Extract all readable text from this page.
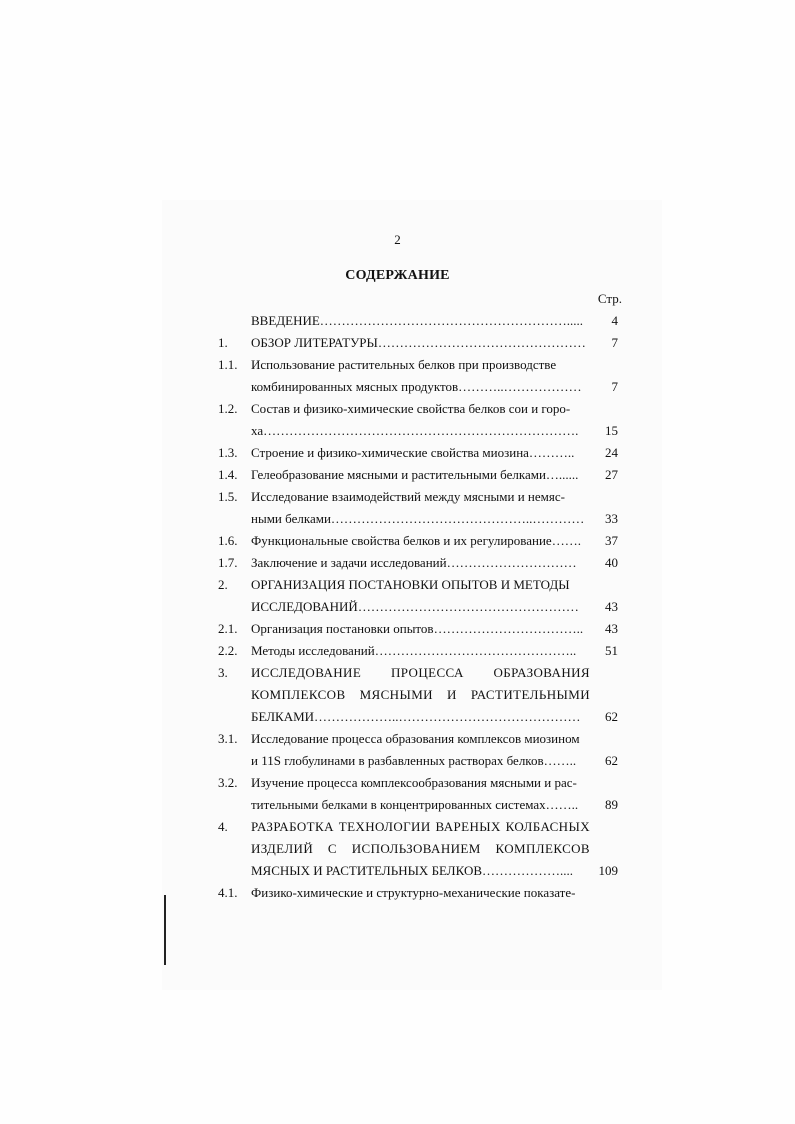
2
СОДЕРЖАНИЕ
Стр.
ВВЕДЕНИЕ………………………………………………….....	4
1. ОБЗОР ЛИТЕРАТУРЫ…………………………………………	7
1.1. Использование растительных белков при производстве
комбинированных мясных продуктов………..………………	7
1.2. Состав и физико-химические свойства белков сои и горо-
ха……………………………………………………………….	15
1.3. Строение и физико-химические свойства миозина………..	24
1.4. Гелеобразование мясными и растительными белками…......	27
1.5. Исследование взаимодействий между мясными и немяс-
ными белками………………………………………..…………	33
1.6. Функциональные свойства белков и их регулирование…….	37
1.7. Заключение и задачи исследований…………………………	40
2. ОРГАНИЗАЦИЯ ПОСТАНОВКИ ОПЫТОВ И МЕТОДЫ
ИССЛЕДОВАНИЙ……………………………………………	43
2.1. Организация постановки опытов……………………………..	43
2.2. Методы исследований………………………………………..	51
3. ИССЛЕДОВАНИЕ ПРОЦЕССА ОБРАЗОВАНИЯ
КОМПЛЕКСОВ МЯСНЫМИ И РАСТИТЕЛЬНЫМИ
БЕЛКАМИ………………..……………………………………	62
3.1. Исследование процесса образования комплексов миозином
и 11S глобулинами в разбавленных растворах белков……..	62
3.2. Изучение процесса комплексообразования мясными и рас-
тительными белками в концентрированных системах……..	89
4. РАЗРАБОТКА ТЕХНОЛОГИИ ВАРЕНЫХ КОЛБАСНЫХ
ИЗДЕЛИЙ С ИСПОЛЬЗОВАНИЕМ КОМПЛЕКСОВ
МЯСНЫХ И РАСТИТЕЛЬНЫХ БЕЛКОВ………………....	109
4.1. Физико-химические и структурно-механические показате-
